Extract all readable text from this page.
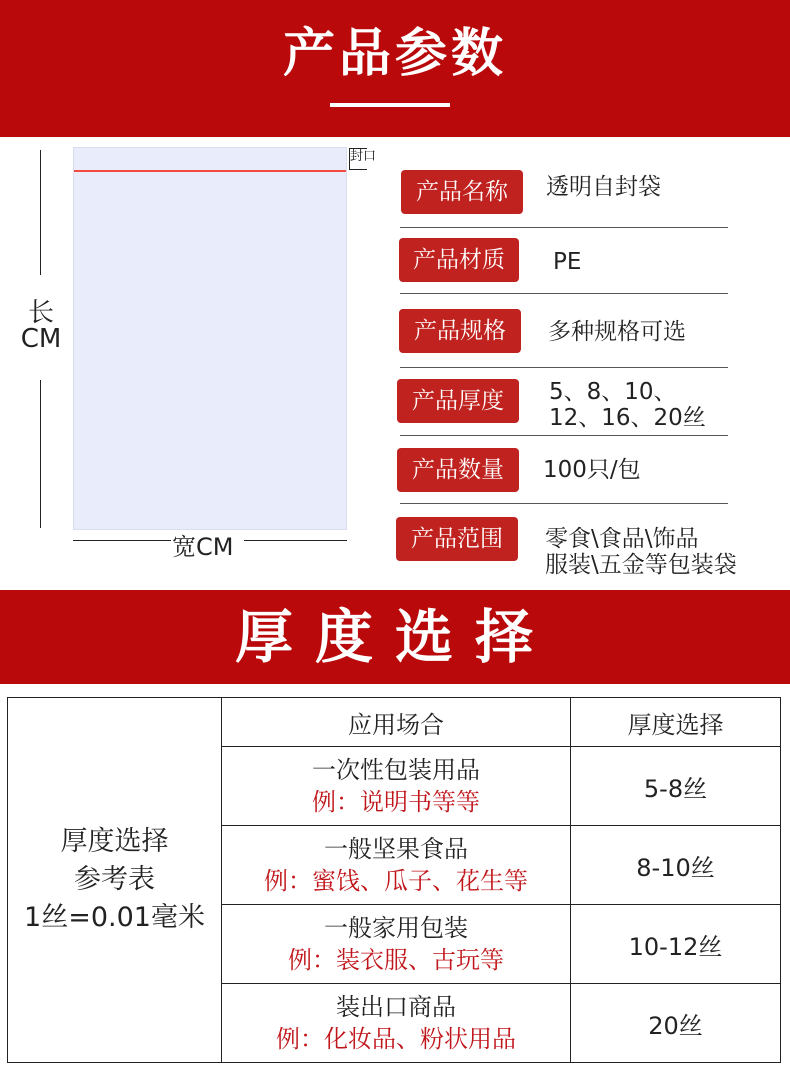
产品参数
长
CM
封口
宽CM
产品名称	透明自封袋
产品材质	PE
产品规格	多种规格可选
产品厚度	5、8、10、
12、16、20丝
产品数量	100只/包
产品范围	零食\食品\饰品
服装\五金等包装袋
厚度选择
厚度选择
参考表
1丝=0.01毫米	应用场合	厚度选择

	一次性包装用品
例：说明书等等	5-8丝

	一般坚果食品
例：蜜饯、瓜子、花生等	8-10丝

	一般家用包装
例：装衣服、古玩等	10-12丝

	装出口商品
例：化妆品、粉状用品	20丝
